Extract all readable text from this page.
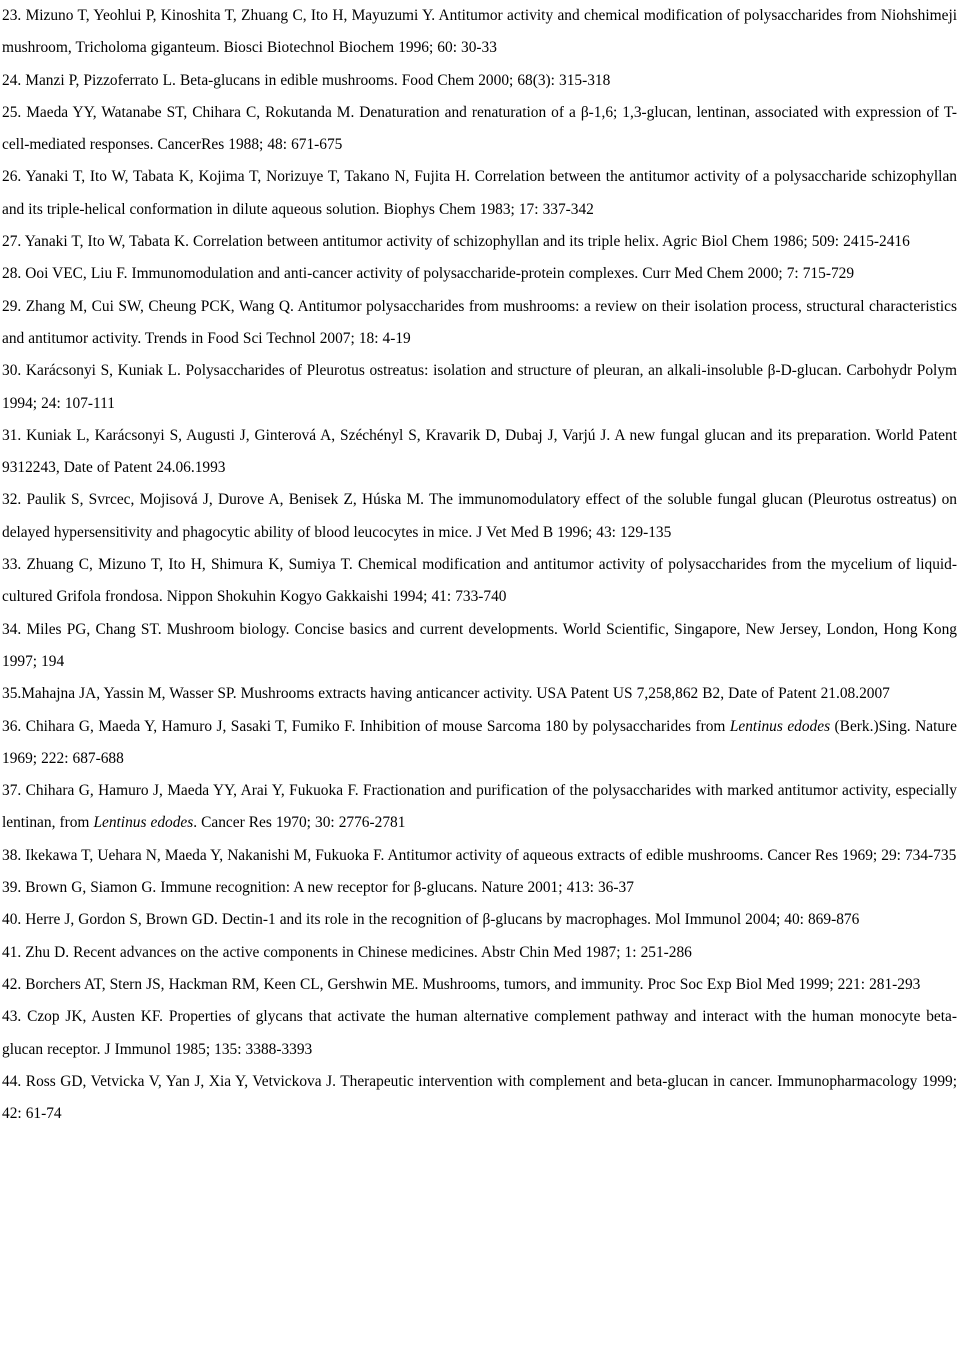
23. Mizuno T, Yeohlui P, Kinoshita T, Zhuang C, Ito H, Mayuzumi Y. Antitumor activity and chemical modification of polysaccharides from Niohshimeji mushroom, Tricholoma giganteum. Biosci Biotechnol Biochem 1996; 60: 30-33

24. Manzi P, Pizzoferrato L. Beta-glucans in edible mushrooms. Food Chem 2000; 68(3): 315-318

25. Maeda YY, Watanabe ST, Chihara C, Rokutanda M. Denaturation and renaturation of a β-1,6; 1,3-glucan, lentinan, associated with expression of T-cell-mediated responses. CancerRes 1988; 48: 671-675

26. Yanaki T, Ito W, Tabata K, Kojima T, Norizuye T, Takano N, Fujita H. Correlation between the antitumor activity of a polysaccharide schizophyllan and its triple-helical conformation in dilute aqueous solution. Biophys Chem 1983; 17: 337-342

27. Yanaki T, Ito W, Tabata K. Correlation between antitumor activity of schizophyllan and its triple helix. Agric Biol Chem 1986; 509: 2415-2416

28. Ooi VEC, Liu F. Immunomodulation and anti-cancer activity of polysaccharide-protein complexes. Curr Med Chem 2000; 7: 715-729

29. Zhang M, Cui SW, Cheung PCK, Wang Q. Antitumor polysaccharides from mushrooms: a review on their isolation process, structural characteristics and antitumor activity. Trends in Food Sci Technol 2007; 18: 4-19

30. Karácsonyi S, Kuniak L. Polysaccharides of Pleurotus ostreatus: isolation and structure of pleuran, an alkali-insoluble β-D-glucan. Carbohydr Polym 1994; 24: 107-111

31. Kuniak L, Karácsonyi S, Augusti J, Ginterová A, Széchényl S, Kravarik D, Dubaj J, Varjú J. A new fungal glucan and its preparation. World Patent 9312243, Date of Patent 24.06.1993

32. Paulik S, Svrcec, Mojisová J, Durove A, Benisek Z, Húska M. The immunomodulatory effect of the soluble fungal glucan (Pleurotus ostreatus) on delayed hypersensitivity and phagocytic ability of blood leucocytes in mice. J Vet Med B 1996; 43: 129-135

33. Zhuang C, Mizuno T, Ito H, Shimura K, Sumiya T. Chemical modification and antitumor activity of polysaccharides from the mycelium of liquid-cultured Grifola frondosa. Nippon Shokuhin Kogyo Gakkaishi 1994; 41: 733-740

34. Miles PG, Chang ST. Mushroom biology. Concise basics and current developments. World Scientific, Singapore, New Jersey, London, Hong Kong 1997; 194

35.Mahajna JA, Yassin M, Wasser SP. Mushrooms extracts having anticancer activity. USA Patent US 7,258,862 B2, Date of Patent 21.08.2007

36. Chihara G, Maeda Y, Hamuro J, Sasaki T, Fumiko F. Inhibition of mouse Sarcoma 180 by polysaccharides from Lentinus edodes (Berk.)Sing. Nature 1969; 222: 687-688

37. Chihara G, Hamuro J, Maeda YY, Arai Y, Fukuoka F. Fractionation and purification of the polysaccharides with marked antitumor activity, especially lentinan, from Lentinus edodes. Cancer Res 1970; 30: 2776-2781

38. Ikekawa T, Uehara N, Maeda Y, Nakanishi M, Fukuoka F. Antitumor activity of aqueous extracts of edible mushrooms. Cancer Res 1969; 29: 734-735

39. Brown G, Siamon G. Immune recognition: A new receptor for β-glucans. Nature 2001; 413: 36-37

40. Herre J, Gordon S, Brown GD. Dectin-1 and its role in the recognition of β-glucans by macrophages. Mol Immunol 2004; 40: 869-876

41. Zhu D. Recent advances on the active components in Chinese medicines. Abstr Chin Med 1987; 1: 251-286

42. Borchers AT, Stern JS, Hackman RM, Keen CL, Gershwin ME. Mushrooms, tumors, and immunity. Proc Soc Exp Biol Med 1999; 221: 281-293

43. Czop JK, Austen KF. Properties of glycans that activate the human alternative complement pathway and interact with the human monocyte beta-glucan receptor. J Immunol 1985; 135: 3388-3393

44. Ross GD, Vetvicka V, Yan J, Xia Y, Vetvickova J. Therapeutic intervention with complement and beta-glucan in cancer. Immunopharmacology 1999; 42: 61-74
